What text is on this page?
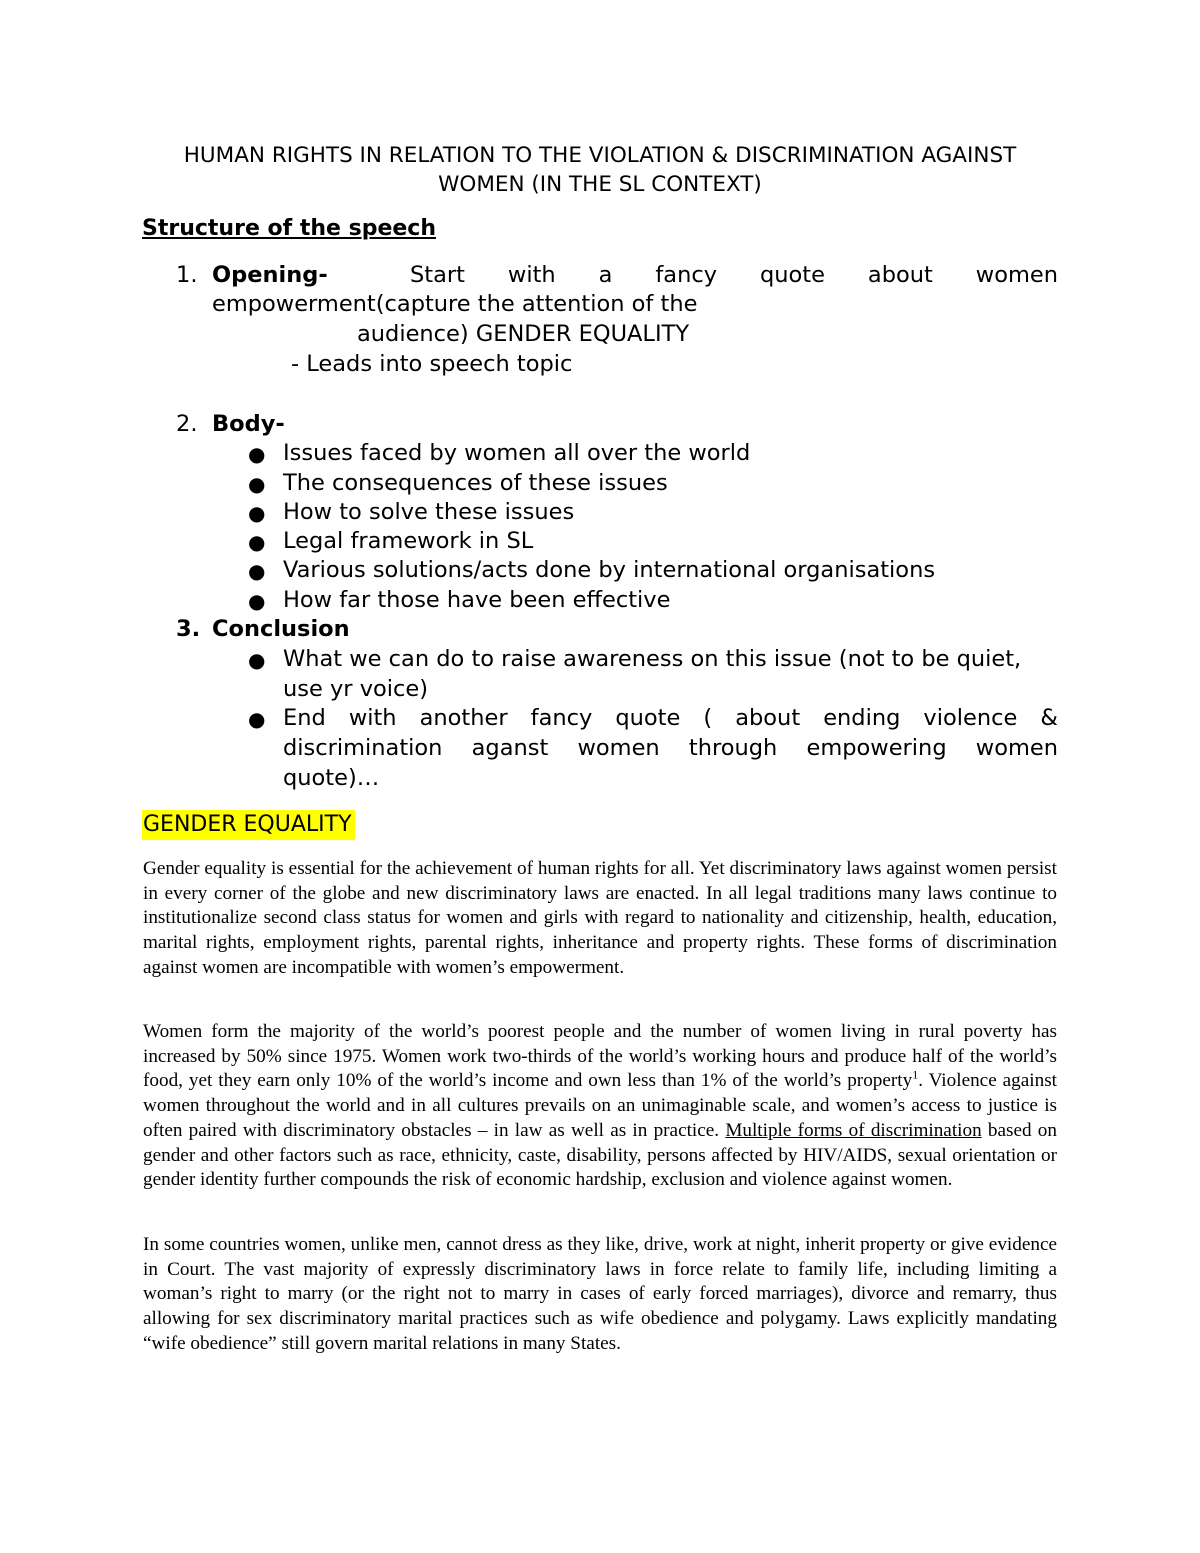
HUMAN RIGHTS IN RELATION TO THE VIOLATION & DISCRIMINATION AGAINST
WOMEN (IN THE SL CONTEXT)
Structure of the speech
1. Opening-	Start with a fancy quote about women
empowerment(capture the attention of the
audience) GENDER EQUALITY
- Leads into speech topic
2. Body-
● Issues faced by women all over the world
● The consequences of these issues
● How to solve these issues
● Legal framework in SL
● Various solutions/acts done by international organisations
● How far those have been effective
3. Conclusion
● What we can do to raise awareness on this issue (not to be quiet,
use yr voice)
● End with another fancy quote ( about ending violence &
discrimination aganst women through empowering women
quote)…
GENDER EQUALITY
Gender equality is essential for the achievement of human rights for all. Yet discriminatory laws against women persist in every corner of the globe and new discriminatory laws are enacted. In all legal traditions many laws continue to institutionalize second class status for women and girls with regard to nationality and citizenship, health, education, marital rights, employment rights, parental rights, inheritance and property rights. These forms of discrimination against women are incompatible with women’s empowerment.
Women form the majority of the world’s poorest people and the number of women living in rural poverty has increased by 50% since 1975. Women work two-thirds of the world’s working hours and produce half of the world’s food, yet they earn only 10% of the world’s income and own less than 1% of the world’s property$^1$. Violence against women throughout the world and in all cultures prevails on an unimaginable scale, and women’s access to justice is often paired with discriminatory obstacles – in law as well as in practice. Multiple forms of discrimination based on gender and other factors such as race, ethnicity, caste, disability, persons affected by HIV/AIDS, sexual orientation or gender identity further compounds the risk of economic hardship, exclusion and violence against women.
In some countries women, unlike men, cannot dress as they like, drive, work at night, inherit property or give evidence in Court. The vast majority of expressly discriminatory laws in force relate to family life, including limiting a woman’s right to marry (or the right not to marry in cases of early forced marriages), divorce and remarry, thus allowing for sex discriminatory marital practices such as wife obedience and polygamy. Laws explicitly mandating “wife obedience” still govern marital relations in many States.
